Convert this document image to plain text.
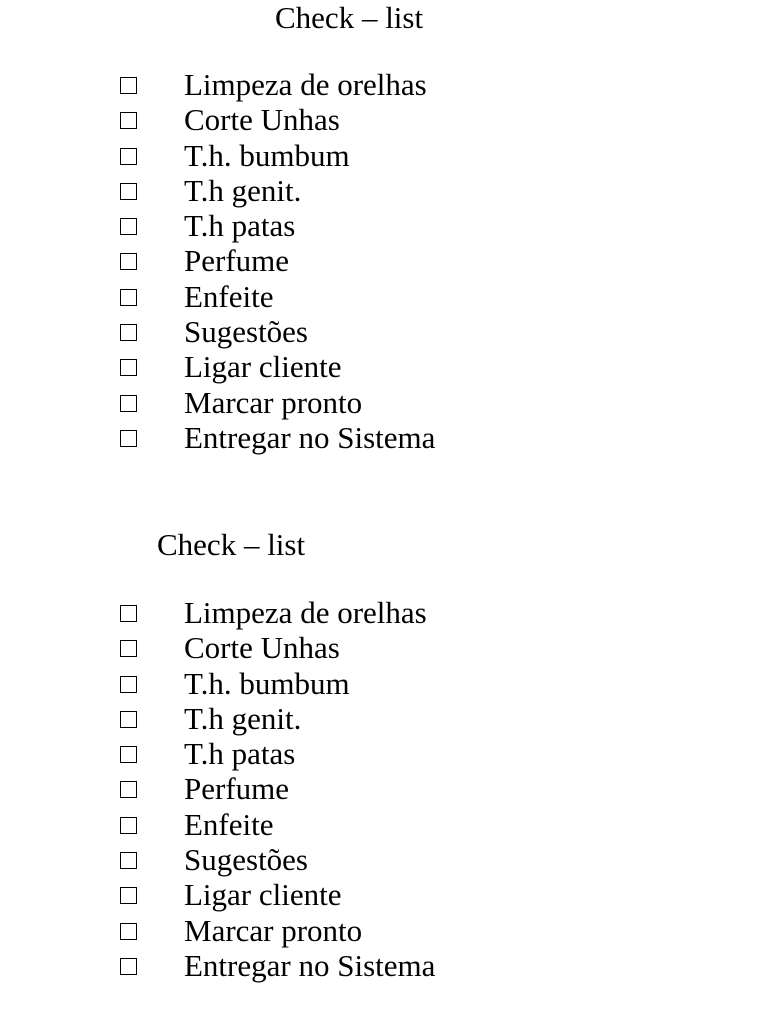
Check – list
Limpeza de orelhas
Corte Unhas
T.h. bumbum
T.h genit.
T.h patas
Perfume
Enfeite
Sugestões
Ligar cliente
Marcar pronto
Entregar no Sistema
Check – list
Limpeza de orelhas
Corte Unhas
T.h. bumbum
T.h genit.
T.h patas
Perfume
Enfeite
Sugestões
Ligar cliente
Marcar pronto
Entregar no Sistema
